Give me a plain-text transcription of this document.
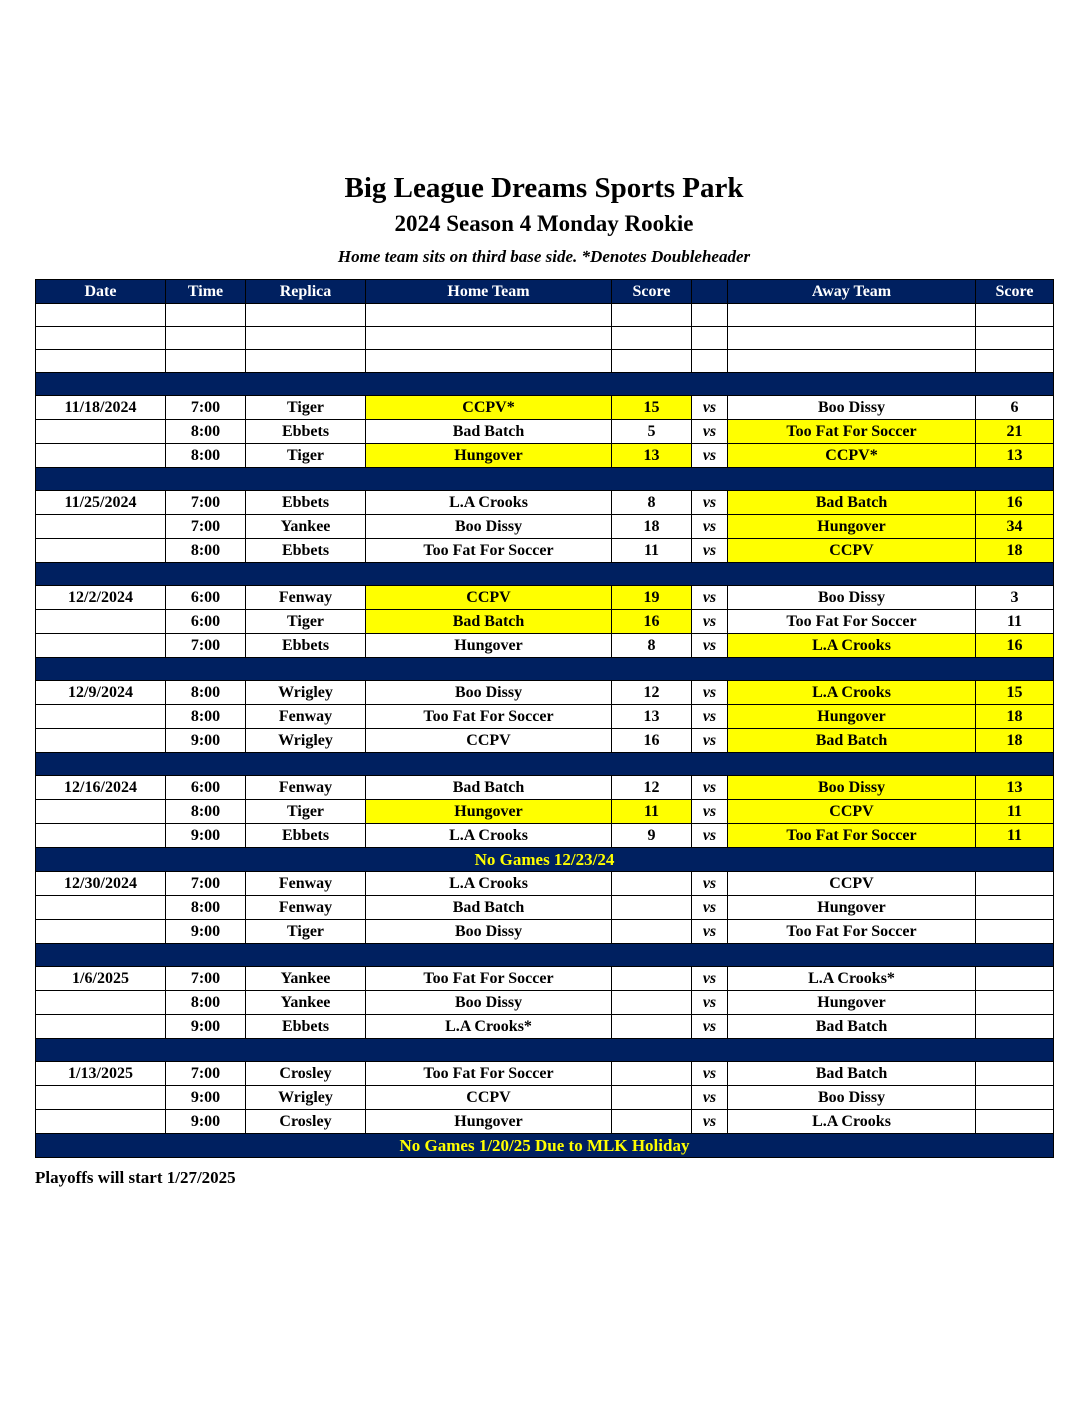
Big League Dreams Sports Park
2024 Season 4 Monday Rookie
Home team sits on third base side. *Denotes Doubleheader
Date	Time	Replica	Home Team	Score		Away Team	Score

11/18/2024	7:00	Tiger	CCPV*	15	vs	Boo Dissy	6
	8:00	Ebbets	Bad Batch	5	vs	Too Fat For Soccer	21
	8:00	Tiger	Hungover	13	vs	CCPV*	13

11/25/2024	7:00	Ebbets	L.A Crooks	8	vs	Bad Batch	16
	7:00	Yankee	Boo Dissy	18	vs	Hungover	34
	8:00	Ebbets	Too Fat For Soccer	11	vs	CCPV	18

12/2/2024	6:00	Fenway	CCPV	19	vs	Boo Dissy	3
	6:00	Tiger	Bad Batch	16	vs	Too Fat For Soccer	11
	7:00	Ebbets	Hungover	8	vs	L.A Crooks	16

12/9/2024	8:00	Wrigley	Boo Dissy	12	vs	L.A Crooks	15
	8:00	Fenway	Too Fat For Soccer	13	vs	Hungover	18
	9:00	Wrigley	CCPV	16	vs	Bad Batch	18

12/16/2024	6:00	Fenway	Bad Batch	12	vs	Boo Dissy	13
	8:00	Tiger	Hungover	11	vs	CCPV	11
	9:00	Ebbets	L.A Crooks	9	vs	Too Fat For Soccer	11
No Games 12/23/24							
12/30/2024	7:00	Fenway	L.A Crooks		vs	CCPV	
	8:00	Fenway	Bad Batch		vs	Hungover	
	9:00	Tiger	Boo Dissy		vs	Too Fat For Soccer	

1/6/2025	7:00	Yankee	Too Fat For Soccer		vs	L.A Crooks*	
	8:00	Yankee	Boo Dissy		vs	Hungover	
	9:00	Ebbets	L.A Crooks*		vs	Bad Batch	

1/13/2025	7:00	Crosley	Too Fat For Soccer		vs	Bad Batch	
	9:00	Wrigley	CCPV		vs	Boo Dissy	
	9:00	Crosley	Hungover		vs	L.A Crooks	
No Games 1/20/25 Due to MLK Holiday							
Playoffs will start 1/27/2025
